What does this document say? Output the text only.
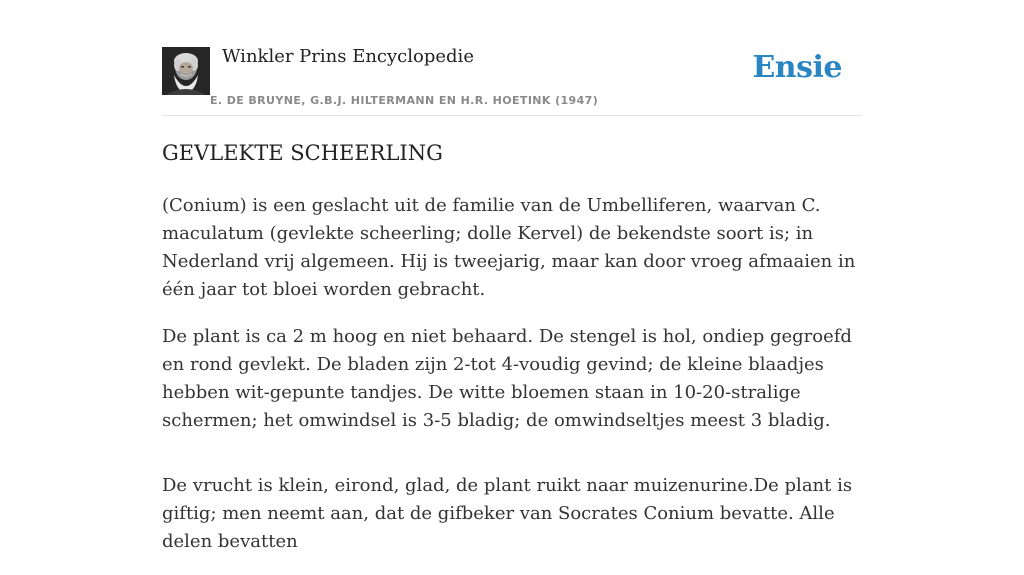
Winkler Prins Encyclopedie
E. DE BRUYNE, G.B.J. HILTERMANN EN H.R. HOETINK (1947)
Ensie
GEVLEKTE SCHEERLING

(Conium) is een geslacht uit de familie van de Umbelliferen, waarvan C. maculatum (gevlekte scheerling; dolle Kervel) de bekendste soort is; in Nederland vrij algemeen. Hij is tweejarig, maar kan door vroeg afmaaien in één jaar tot bloei worden gebracht.

De plant is ca 2 m hoog en niet behaard. De stengel is hol, ondiep gegroefd en rond gevlekt. De bladen zijn 2-tot 4-voudig gevind; de kleine blaadjes hebben wit-gepunte tandjes. De witte bloemen staan in 10-20-stralige schermen; het omwindsel is 3-5 bladig; de omwindseltjes meest 3 bladig.

De vrucht is klein, eirond, glad, de plant ruikt naar muizenurine.De plant is giftig; men neemt aan, dat de gifbeker van Socrates Conium bevatte. Alle delen bevatten
